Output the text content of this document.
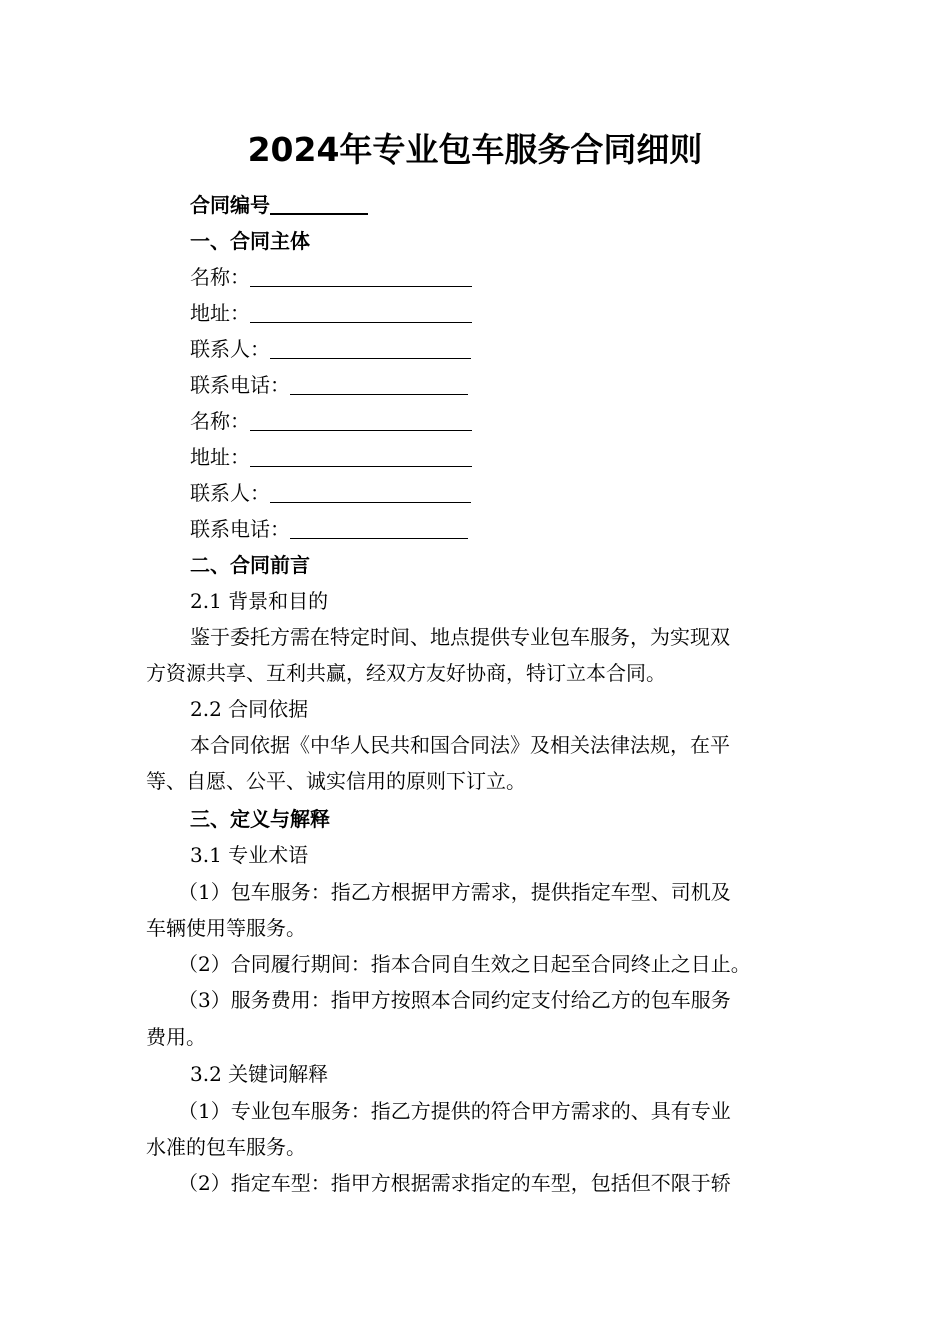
2024年专业包车服务合同细则
合同编号
一、合同主体
名称：
地址：
联系人：
联系电话：
名称：
地址：
联系人：
联系电话：
二、合同前言
2.1 背景和目的
鉴于委托方需在特定时间、地点提供专业包车服务，为实现双
方资源共享、互利共赢，经双方友好协商，特订立本合同。
2.2 合同依据
本合同依据《中华人民共和国合同法》及相关法律法规，在平
等、自愿、公平、诚实信用的原则下订立。
三、定义与解释
3.1 专业术语
（1）包车服务：指乙方根据甲方需求，提供指定车型、司机及
车辆使用等服务。
（2）合同履行期间：指本合同自生效之日起至合同终止之日止。
（3）服务费用：指甲方按照本合同约定支付给乙方的包车服务
费用。
3.2 关键词解释
（1）专业包车服务：指乙方提供的符合甲方需求的、具有专业
水准的包车服务。
（2）指定车型：指甲方根据需求指定的车型，包括但不限于轿
